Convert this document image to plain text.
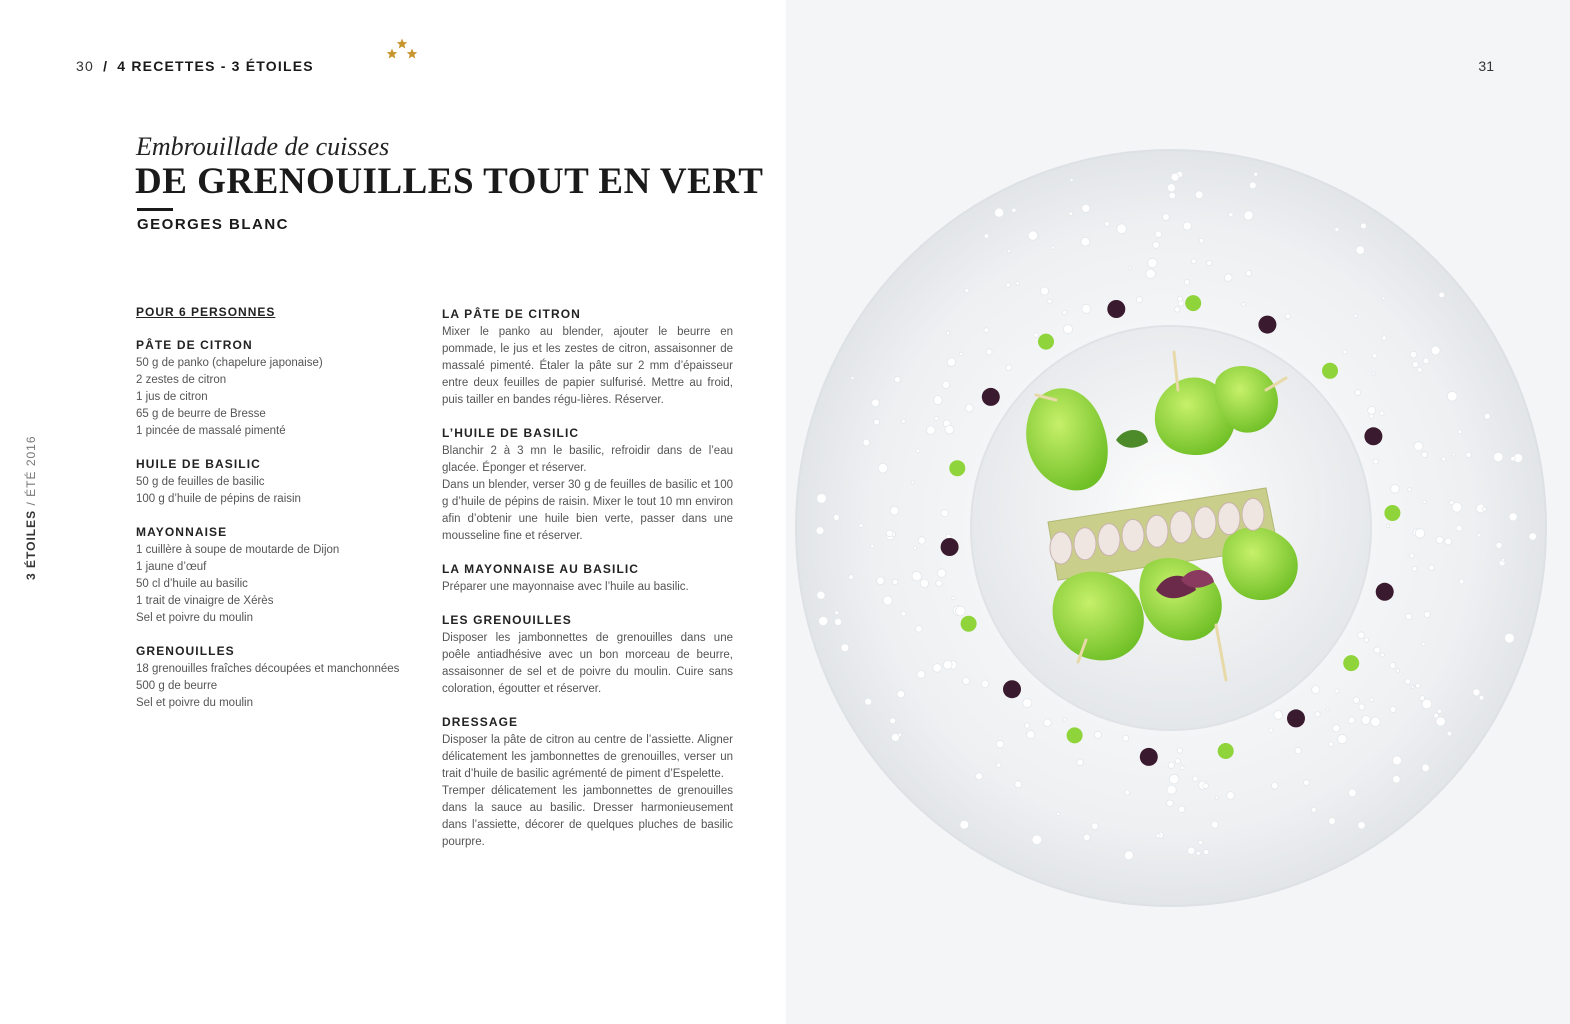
30 / 4 RECETTES - 3 ÉTOILES
3 ÉTOILES / ÉTÉ 2016
Embrouillade de cuisses
DE GRENOUILLES TOUT EN VERT
GEORGES BLANC
POUR 6 PERSONNES
PÂTE DE CITRON
50 g de panko (chapelure japonaise)
2 zestes de citron
1 jus de citron
65 g de beurre de Bresse
1 pincée de massalé pimenté
HUILE DE BASILIC
50 g de feuilles de basilic
100 g d’huile de pépins de raisin
MAYONNAISE
1 cuillère à soupe de moutarde de Dijon
1 jaune d’œuf
50 cl d’huile au basilic
1 trait de vinaigre de Xérès
Sel et poivre du moulin
GRENOUILLES
18 grenouilles fraîches découpées et manchonnées
500 g de beurre
Sel et poivre du moulin
LA PÂTE DE CITRON

Mixer le panko au blender, ajouter le beurre en pommade, le jus et les zestes de citron, assaisonner de massalé pimenté. Étaler la pâte sur 2 mm d’épaisseur entre deux feuilles de papier sulfurisé. Mettre au froid, puis tailler en bandes régu-lières. Réserver.

L’HUILE DE BASILIC

Blanchir 2 à 3 mn le basilic, refroidir dans de l’eau glacée. Éponger et réserver.

Dans un blender, verser 30 g de feuilles de basilic et 100 g d’huile de pépins de raisin. Mixer le tout 10 mn environ afin d’obtenir une huile bien verte, passer dans une mousseline fine et réserver.

LA MAYONNAISE AU BASILIC

Préparer une mayonnaise avec l’huile au basilic.

LES GRENOUILLES

Disposer les jambonnettes de grenouilles dans une poêle antiadhésive avec un bon morceau de beurre, assaisonner de sel et de poivre du moulin. Cuire sans coloration, égoutter et réserver.

DRESSAGE

Disposer la pâte de citron au centre de l’assiette. Aligner délicatement les jambonnettes de grenouilles, verser un trait d’huile de basilic agrémenté de piment d’Espelette.

Tremper délicatement les jambonnettes de grenouilles dans la sauce au basilic. Dresser harmonieusement dans l’assiette, décorer de quelques pluches de basilic pourpre.

31
